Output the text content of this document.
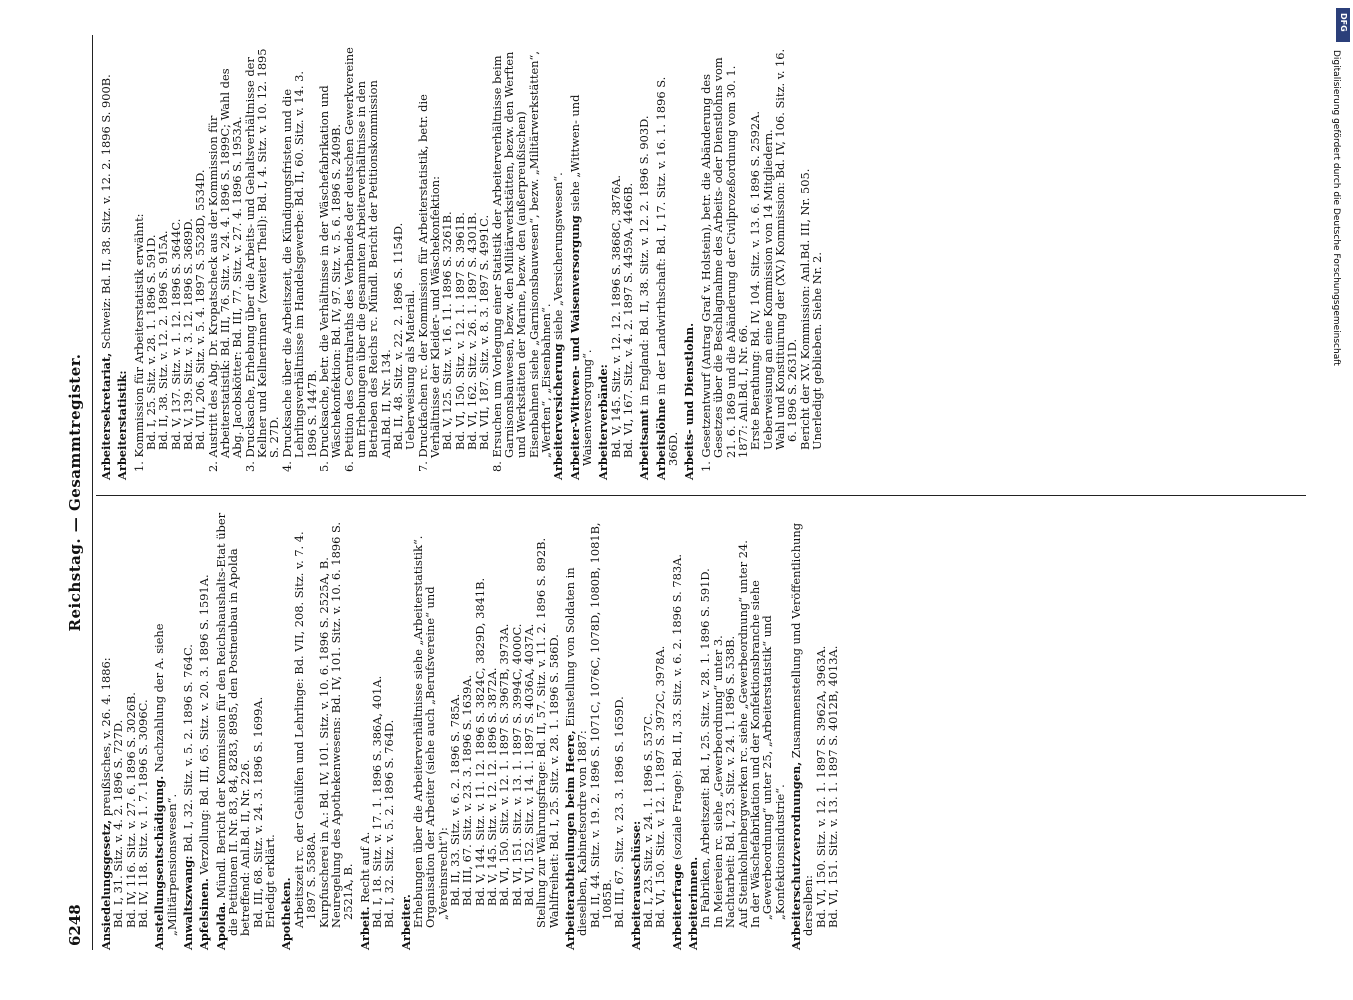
6248
Reichstag. — Gesammtregister.
Ansiedelungsgesetz, preußisches, v. 26. 4. 1886:

Bd. I, 31. Sitz. v. 4. 2. 1896 S. 727D.

Bd. IV, 116. Sitz. v. 27. 6. 1896 S. 3026B.

Bd. IV, 118. Sitz. v. 1. 7. 1896 S. 3096C. Anstellungsentschädigung. Nachzahlung der A. siehe „Militärpensionswesen“. Anwaltszwang: Bd. I, 32. Sitz. v. 5. 2. 1896 S. 764C.
Apfelsinen. Verzollung: Bd. III, 65. Sitz. v. 20. 3. 1896 S. 1591A.
Apolda. Mündl. Bericht der Kommission für den Reichshaushalts-Etat über die Petitionen II. Nr. 83, 84, 8283, 8985, den Postneubau in Apolda betreffend: Anl.Bd. II, Nr. 226.

Bd. III, 68. Sitz. v. 24. 3. 1896 S. 1699A.

Erledigt erklärt. Apotheken.

Arbeitszeit rc. der Gehülfen und Lehrlinge: Bd. VII, 208. Sitz. v. 7. 4. 1897 S. 5588A.

Kurpfuscherei in A.: Bd. IV, 101. Sitz. v. 10. 6. 1896 S. 2525A, B.

Neuregelung des Apothekenwesens: Bd. IV, 101. Sitz. v. 10. 6. 1896 S. 2521A, B.

Arbeit. Recht auf A.

Bd. I, 18. Sitz. v. 17. 1. 1896 S. 386A, 401A.

Bd. I, 32. Sitz. v. 5. 2. 1896 S. 764D. Arbeiter.

Erhebungen über die Arbeiterverhältnisse siehe „Arbeiterstatistik“.

Organisation der Arbeiter (siehe auch „Berufsvereine“ und „Vereinsrecht“):

Bd. II, 33. Sitz. v. 6. 2. 1896 S. 785A.

Bd. III, 67. Sitz. v. 23. 3. 1896 S. 1639A.

Bd. V, 144. Sitz. v. 11. 12. 1896 S. 3824C, 3829D, 3841B.

Bd. V, 145. Sitz. v. 12. 12. 1896 S. 3872A.

Bd. VI, 150. Sitz. v. 12. 1. 1897 S. 3967B, 3973A.

Bd. VI, 151. Sitz. v. 13. 1. 1897 S. 3994C, 4000C.

Bd. VI, 152. Sitz. v. 14. 1. 1897 S. 4036A, 4037A.

Stellung zur Währungsfrage: Bd. II, 57. Sitz. v. 11. 2. 1896 S. 892B.

Wahlfreiheit: Bd. I, 25. Sitz. v. 28. 1. 1896 S. 586D. Arbeiterabtheilungen beim Heere, Einstellung von Soldaten in dieselben, Kabinetsordre von 1887:

Bd. II, 44. Sitz. v. 19. 2. 1896 S. 1071C, 1076C, 1078D, 1080B, 1081B, 1085B.

Bd. III, 67. Sitz. v. 23. 3. 1896 S. 1659D. Arbeiterausschüsse:

Bd. I, 23. Sitz. v. 24. 1. 1896 S. 537C.

Bd. VI, 150. Sitz. v. 12. 1. 1897 S. 3972C, 3978A. Arbeiterfrage (soziale Frage): Bd. II, 33. Sitz. v. 6. 2. 1896 S. 783A.
Arbeiterinnen.

In Fabriken, Arbeitszeit: Bd. I, 25. Sitz. v. 28. 1. 1896 S. 591D.

In Meiereien rc. siehe „Gewerbeordnung“ unter 3.

Nachtarbeit: Bd. I, 23. Sitz. v. 24. 1. 1896 S. 538B.

Auf Steinkohlenbergwerken rc. siehe „Gewerbeordnung“ unter 24.

In der Wäschefabrikation und der Konfektionsbranche siehe „Gewerbeordnung“ unter 25, „Arbeiterstatistik“ und „Konfektionsindustrie“. Arbeiterschutzverordnungen, Zusammenstellung und Veröffentlichung derselben:

Bd. VI, 150. Sitz. v. 12. 1. 1897 S. 3962A, 3963A.

Bd. VI, 151. Sitz. v. 13. 1. 1897 S. 4012B, 4013A.

Arbeitersekretariat, Schweiz: Bd. II, 38. Sitz. v. 12. 2. 1896 S. 900B.
Arbeiterstatistik: 1. Kommission für Arbeiterstatistik erwähnt:

Bd. I, 25. Sitz. v. 28. 1. 1896 S. 591D.

Bd. II, 38. Sitz. v. 12. 2. 1896 S. 915A.

Bd. V, 137. Sitz. v. 1. 12. 1896 S. 3644C.

Bd. V, 139. Sitz. v. 3. 12. 1896 S. 3689D.

Bd. VII, 206. Sitz. v. 5. 4. 1897 S. 5528D, 5534D.

2. Austritt des Abg. Dr. Kropatscheck aus der Kommission für Arbeiterstatistik: Bd. III, 76. Sitz. v. 24. 4. 1896 S. 1899C; Wahl des Abg. Jacobskötter: Bd. III, 77. Sitz. v. 27. 4. 1896 S. 1953A.
3. Drucksache, Erhebung über die Arbeits- und Gehaltsverhältnisse der Kellner und Kellnerinnen“ (zweiter Theil): Bd. I, 4. Sitz. v. 10. 12. 1895 S. 27D.
4. Drucksache über die Arbeitszeit, die Kündigungsfristen und die Lehrlingsverhältnisse im Handelsgewerbe: Bd. II, 60. Sitz. v. 14. 3. 1896 S. 1447B.
5. Drucksache, betr. die Verhältnisse in der Wäschefabrikation und Wäschekonfektion: Bd. IV, 97. Sitz. v. 5. 6. 1896 S. 2409B.
6. Petition des Centralraths des Verbandes der deutschen Gewerkvereine um Erhebungen über die gesammten Arbeiterverhältnisse in den Betrieben des Reichs rc. Mündl. Bericht der Petitionskommission Anl.Bd. II, Nr. 134.

Bd. II, 48. Sitz. v. 22. 2. 1896 S. 1154D.

Ueberweisung als Material.

7. Druckfachen rc. der Kommission für Arbeiterstatistik, betr. die Verhältnisse der Kleider- und Wäschekonfektion:

Bd. V, 125. Sitz. v. 16. 11. 1896 S. 3261B.

Bd. VI, 150. Sitz. v. 12. 1. 1897 S. 3961B.

Bd. VI, 162. Sitz. v. 26. 1. 1897 S. 4301B.

Bd. VII, 187. Sitz. v. 8. 3. 1897 S. 4991C.

8. Ersuchen um Vorlegung einer Statistik der Arbeiterverhältnisse beim Garnisonsbauwesen, bezw. den Militärwerkstätten, bezw. den Werften und Werkstätten der Marine, bezw. den (außerpreußischen) Eisenbahnen siehe „Garnisonsbauwesen“, bezw. „Militärwerkstätten“, „Werften“, „Eisenbahnen“.
Arbeiterversicherung siehe „Versicherungswesen“. Arbeiter-Wittwen- und Waisenversorgung siehe „Wittwen- und Waisenversorgung“. Arbeiterverbände:

Bd. V, 145. Sitz. v. 12. 12. 1896 S. 3868C, 3876A.

Bd. VI, 167. Sitz. v. 4. 2. 1897 S. 4459A, 4466B. Arbeitsamt in England: Bd. II, 38. Sitz. v. 12. 2. 1896 S. 903D.
Arbeitslöhne in der Landwirthschaft: Bd. I, 17. Sitz. v. 16. 1. 1896 S. 366D. Arbeits- und Dienstlohn. 1. Gesetzentwurf (Antrag Graf v. Holstein), betr. die Abänderung des Gesetzes über die Beschlagnahme des Arbeits- oder Dienstlohns vom 21. 6. 1869 und die Abänderung der Civilprozeßordnung vom 30. 1. 1877: Anl.Bd. I, Nr. 66.

Erste Berathung: Bd. IV, 104. Sitz. v. 13. 6. 1896 S. 2592A.

Ueberweisung an eine Kommission von 14 Mitgliedern.

Wahl und Konstituirung der (XV.) Kommission: Bd. IV, 106. Sitz. v. 16. 6. 1896 S. 2631D.

Bericht der XV. Kommission: Anl.Bd. III, Nr. 505.

Unerledigt geblieben. Siehe Nr. 2.

DFG
Digitalisierung gefördert durch die Deutsche Forschungsgemeinschaft
